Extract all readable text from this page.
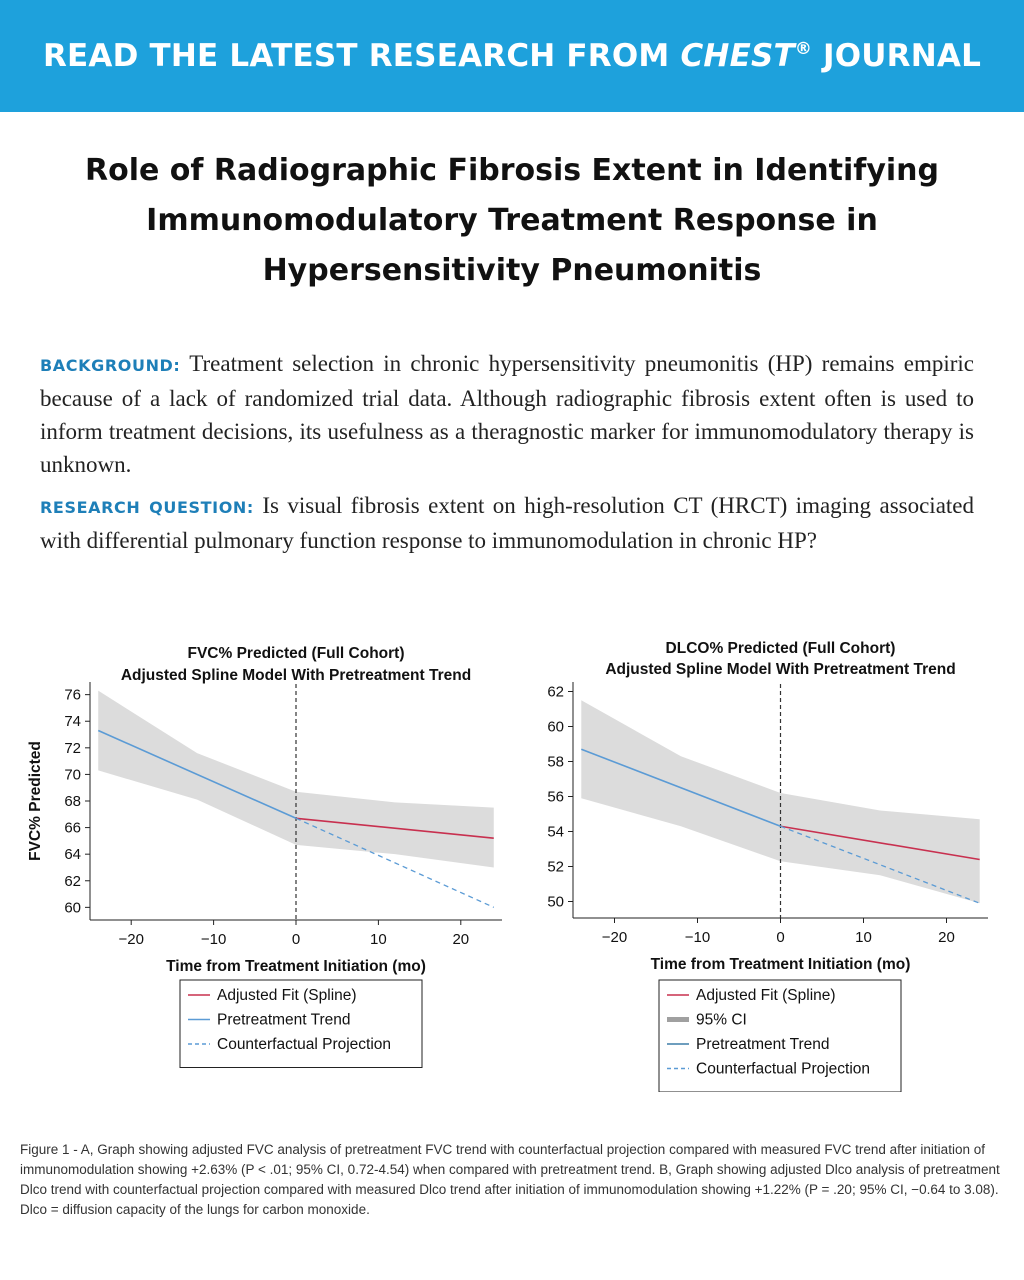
READ THE LATEST RESEARCH FROM CHEST® JOURNAL
Role of Radiographic Fibrosis Extent in Identifying Immunomodulatory Treatment Response in Hypersensitivity Pneumonitis

BACKGROUND: Treatment selection in chronic hypersensitivity pneumonitis (HP) remains empiric because of a lack of randomized trial data. Although radiographic fibrosis extent often is used to inform treatment decisions, its usefulness as a theragnostic marker for immunomodulatory therapy is unknown.

RESEARCH QUESTION: Is visual fibrosis extent on high-resolution CT (HRCT) imaging associated with differential pulmonary function response to immunomodulation in chronic HP?

FVC% Predicted (Full Cohort)
Adjusted Spline Model With Pretreatment Trend
60
62
64
66
68
70
72
74
76
−20	−10	0	10	20
Time from Treatment Initiation (mo)
FVC% Predicted
Adjusted Fit (Spline)
Pretreatment Trend
Counterfactual Projection
DLCO% Predicted (Full Cohort)
Adjusted Spline Model With Pretreatment Trend
50
52
54
56
58
60
62
−20	−10	0	10	20
Time from Treatment Initiation (mo)
Adjusted Fit (Spline)
95% CI
Pretreatment Trend
Counterfactual Projection
Figure 1 - A, Graph showing adjusted FVC analysis of pretreatment FVC trend with counterfactual projection compared with measured FVC trend after initiation of immunomodulation showing +2.63% (P < .01; 95% CI, 0.72-4.54) when compared with pretreatment trend. B, Graph showing adjusted Dlco analysis of pretreatment Dlco trend with counterfactual projection compared with measured Dlco trend after initiation of immunomodulation showing +1.22% (P = .20; 95% CI, −0.64 to 3.08). Dlco = diffusion capacity of the lungs for carbon monoxide.
